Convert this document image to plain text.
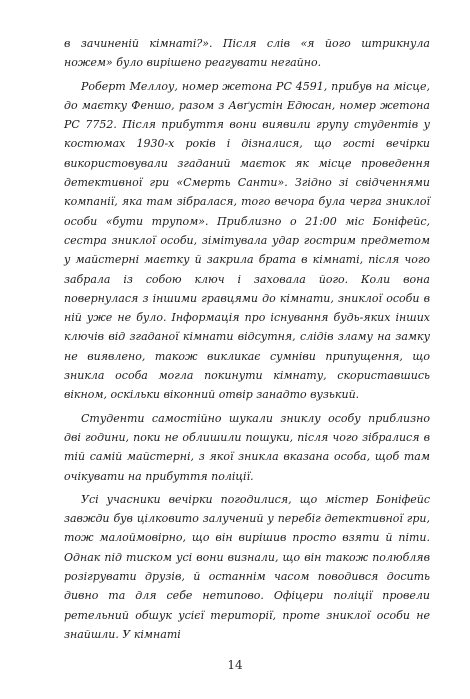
в зачиненій кімнаті?». Після слів «я його штрикнула ножем» було вирішено реагувати негайно.

Роберт Меллоу, номер жетона PC 4591, прибув на місце, до маєтку Феншо, разом з Авґустін Едюсан, номер жетона PC 7752. Після прибуття вони виявили групу студентів у костюмах 1930-х років і дізналися, що гості вечірки використовували згаданий маєток як місце проведення детективної гри «Смерть Санти». Згідно зі свідченнями компанії, яка там зібралася, того вечора була черга зниклої особи «бути трупом». Приблизно о 21:00 міс Боніфейс, сестра зниклої особи, зімітувала удар гострим предметом у майстерні маєтку й закрила брата в кімнаті, після чого забрала із собою ключ і заховала його. Коли вона повернулася з іншими гравцями до кімнати, зниклої особи в ній уже не було. Інформація про існування будь-яких інших ключів від згаданої кімнати відсутня, слідів зламу на замку не виявлено, також викликає сумніви припущення, що зникла особа могла покинути кімнату, скориставшись вікном, оскільки віконний отвір занадто вузький.

Студенти самостійно шукали зниклу особу приблизно дві години, поки не облишили пошуки, після чого зібралися в тій самій майстерні, з якої зникла вказана особа, щоб там очікувати на прибуття поліції.

Усі учасники вечірки погодилися, що містер Боніфейс завжди був цілковито залучений у перебіг детективної гри, тож малоймовірно, що він вирішив просто взяти й піти. Однак під тиском усі вони визнали, що він також полюбляв розігрувати друзів, й останнім часом поводився досить дивно та для себе нетипово. Офіцери поліції провели ретельний обшук усієї території, проте зниклої особи не знайшли. У кімнаті

14
